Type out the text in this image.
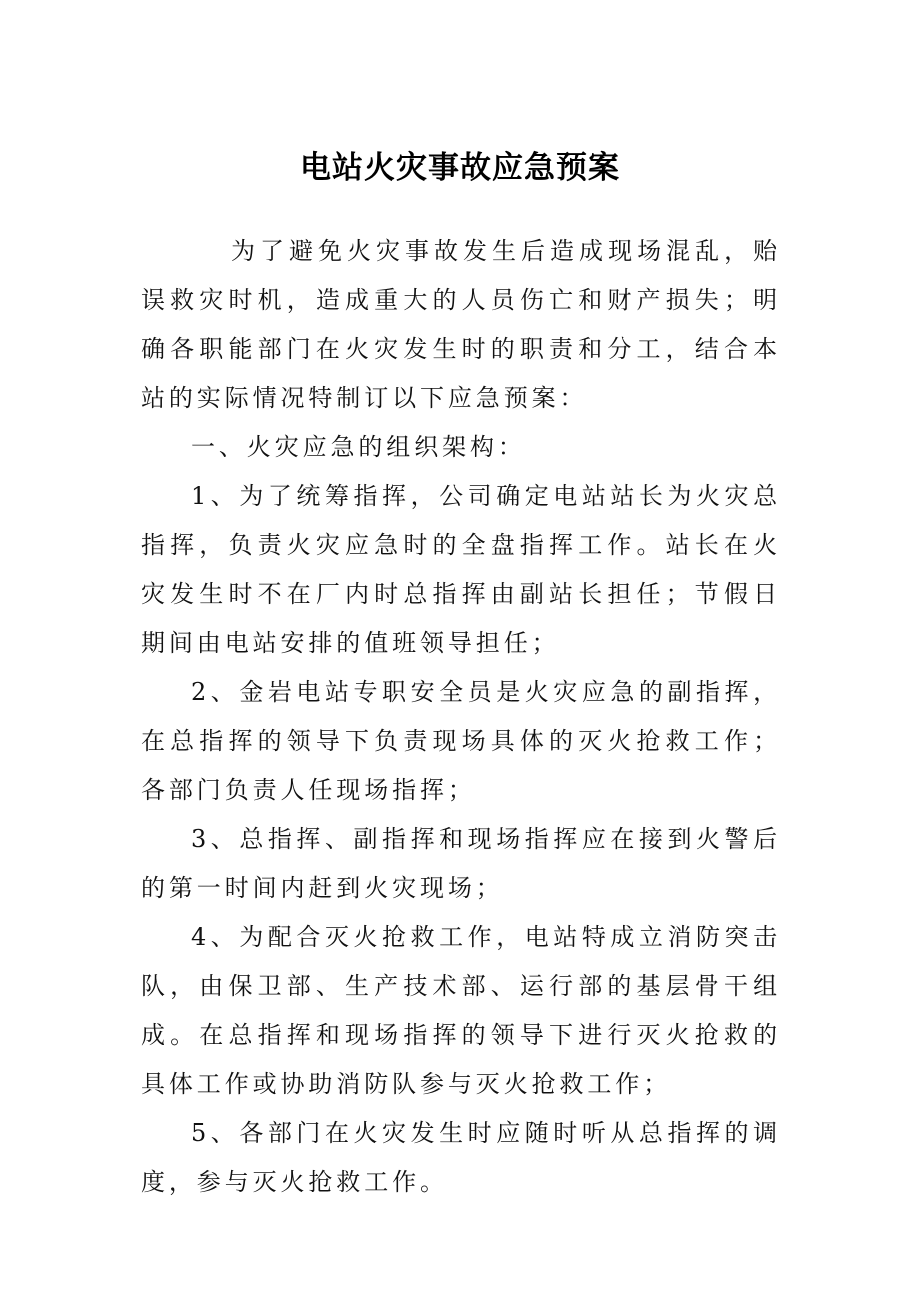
电站火灾事故应急预案

为了避免火灾事故发生后造成现场混乱，贻误救灾时机，造成重大的人员伤亡和财产损失；明确各职能部门在火灾发生时的职责和分工，结合本站的实际情况特制订以下应急预案：

一、火灾应急的组织架构：

1、为了统筹指挥，公司确定电站站长为火灾总指挥，负责火灾应急时的全盘指挥工作。站长在火灾发生时不在厂内时总指挥由副站长担任；节假日期间由电站安排的值班领导担任；

2、金岩电站专职安全员是火灾应急的副指挥，在总指挥的领导下负责现场具体的灭火抢救工作；各部门负责人任现场指挥；

3、总指挥、副指挥和现场指挥应在接到火警后的第一时间内赶到火灾现场；

4、为配合灭火抢救工作，电站特成立消防突击队，由保卫部、生产技术部、运行部的基层骨干组成。在总指挥和现场指挥的领导下进行灭火抢救的具体工作或协助消防队参与灭火抢救工作；

5、各部门在火灾发生时应随时听从总指挥的调度，参与灭火抢救工作。
